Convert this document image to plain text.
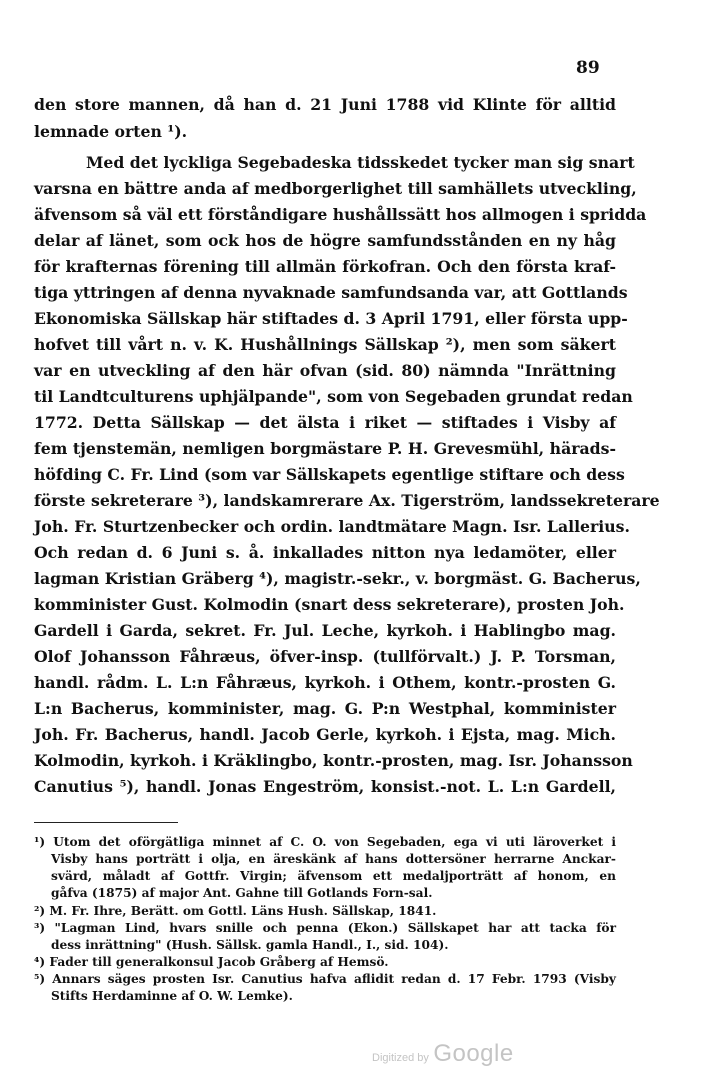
89
den store mannen, då han d. 21 Juni 1788 vid Klinte för alltid
lemnade orten ¹).
Med det lyckliga Segebadeska tidsskedet tycker man sig snart
varsna en bättre anda af medborgerlighet till samhällets utveckling,
äfvensom så väl ett förståndigare hushållssätt hos allmogen i spridda
delar af länet, som ock hos de högre samfundsstånden en ny håg
för krafternas förening till allmän förkofran. Och den första kraf-
tiga yttringen af denna nyvaknade samfundsanda var, att Gottlands
Ekonomiska Sällskap här stiftades d. 3 April 1791, eller första upp-
hofvet till vårt n. v. K. Hushållnings Sällskap ²), men som säkert
var en utveckling af den här ofvan (sid. 80) nämnda "Inrättning
til Landtculturens uphjälpande", som von Segebaden grundat redan
1772. Detta Sällskap — det älsta i riket — stiftades i Visby af
fem tjenstemän, nemligen borgmästare P. H. Grevesmühl, härads-
höfding C. Fr. Lind (som var Sällskapets egentlige stiftare och dess
förste sekreterare ³), landskamrerare Ax. Tigerström, landssekreterare
Joh. Fr. Sturtzenbecker och ordin. landtmätare Magn. Isr. Lallerius.
Och redan d. 6 Juni s. å. inkallades nitton nya ledamöter, eller
lagman Kristian Gräberg ⁴), magistr.-sekr., v. borgmäst. G. Bacherus,
komminister Gust. Kolmodin (snart dess sekreterare), prosten Joh.
Gardell i Garda, sekret. Fr. Jul. Leche, kyrkoh. i Hablingbo mag.
Olof Johansson Fåhræus, öfver-insp. (tullförvalt.) J. P. Torsman,
handl. rådm. L. L:n Fåhræus, kyrkoh. i Othem, kontr.-prosten G.
L:n Bacherus, komminister, mag. G. P:n Westphal, komminister
Joh. Fr. Bacherus, handl. Jacob Gerle, kyrkoh. i Ejsta, mag. Mich.
Kolmodin, kyrkoh. i Kräklingbo, kontr.-prosten, mag. Isr. Johansson
Canutius ⁵), handl. Jonas Engeström, konsist.-not. L. L:n Gardell,
¹) Utom det oförgätliga minnet af C. O. von Segebaden, ega vi uti läroverket i
Visby hans porträtt i olja, en äreskänk af hans dottersöner herrarne Anckar-
svärd, måladt af Gottfr. Virgin; äfvensom ett medaljporträtt af honom, en
gåfva (1875) af major Ant. Gahne till Gotlands Forn-sal.
²) M. Fr. Ihre, Berätt. om Gottl. Läns Hush. Sällskap, 1841.
³) "Lagman Lind, hvars snille och penna (Ekon.) Sällskapet har att tacka för
dess inrättning" (Hush. Sällsk. gamla Handl., I., sid. 104).
⁴) Fader till generalkonsul Jacob Gråberg af Hemsö.
⁵) Annars säges prosten Isr. Canutius hafva aflidit redan d. 17 Febr. 1793 (Visby
Stifts Herdaminne af O. W. Lemke).
Digitized by Google
